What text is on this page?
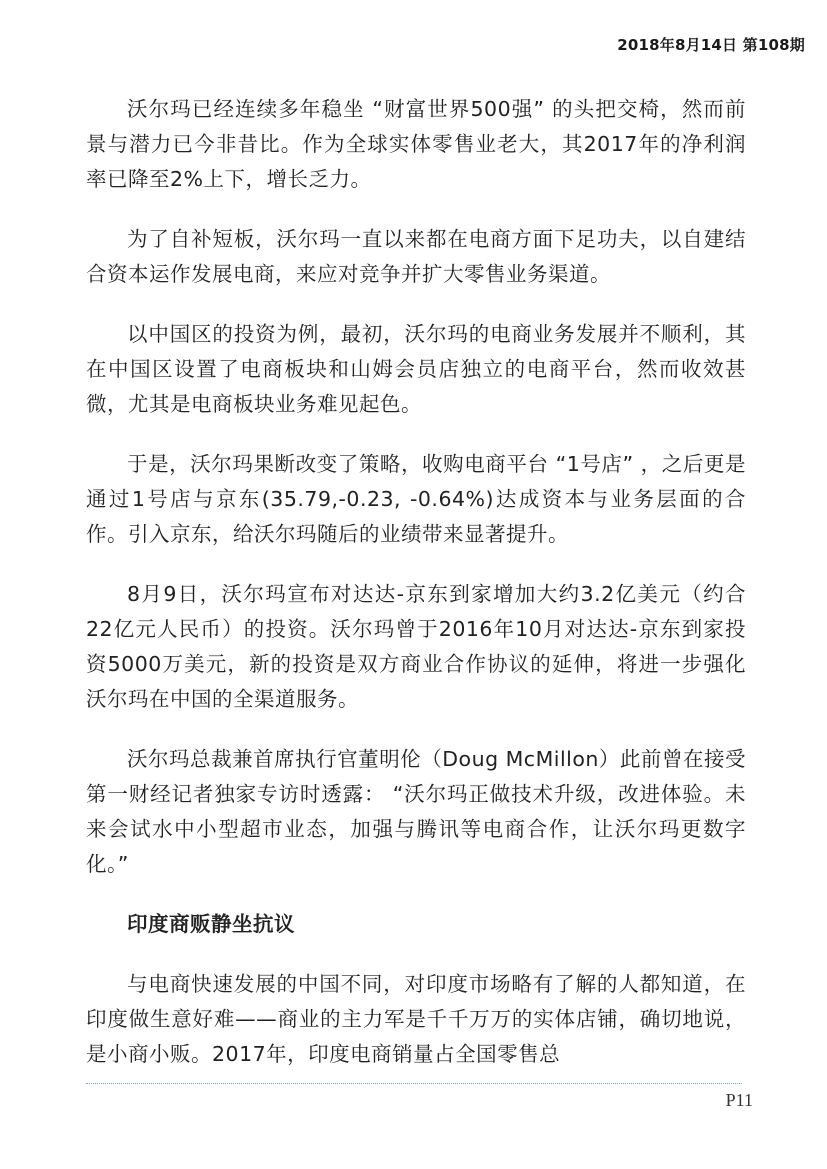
2018年8月14日 第108期

沃尔玛已经连续多年稳坐 “财富世界500强” 的头把交椅，然而前景与潜力已今非昔比。作为全球实体零售业老大，其2017年的净利润率已降至2%上下，增长乏力。

为了自补短板，沃尔玛一直以来都在电商方面下足功夫，以自建结合资本运作发展电商，来应对竞争并扩大零售业务渠道。

以中国区的投资为例，最初，沃尔玛的电商业务发展并不顺利，其在中国区设置了电商板块和山姆会员店独立的电商平台，然而收效甚微，尤其是电商板块业务难见起色。

于是，沃尔玛果断改变了策略，收购电商平台 “1号店” ，之后更是通过1号店与京东(35.79,-0.23, -0.64%)达成资本与业务层面的合作。引入京东，给沃尔玛随后的业绩带来显著提升。

8月9日，沃尔玛宣布对达达-京东到家增加大约3.2亿美元（约合22亿元人民币）的投资。沃尔玛曾于2016年10月对达达-京东到家投资5000万美元，新的投资是双方商业合作协议的延伸，将进一步强化沃尔玛在中国的全渠道服务。

沃尔玛总裁兼首席执行官董明伦（Doug McMillon）此前曾在接受第一财经记者独家专访时透露： “沃尔玛正做技术升级，改进体验。未来会试水中小型超市业态，加强与腾讯等电商合作，让沃尔玛更数字化。”

印度商贩静坐抗议

与电商快速发展的中国不同，对印度市场略有了解的人都知道，在印度做生意好难——商业的主力军是千千万万的实体店铺，确切地说，是小商小贩。2017年，印度电商销量占全国零售总

P11
